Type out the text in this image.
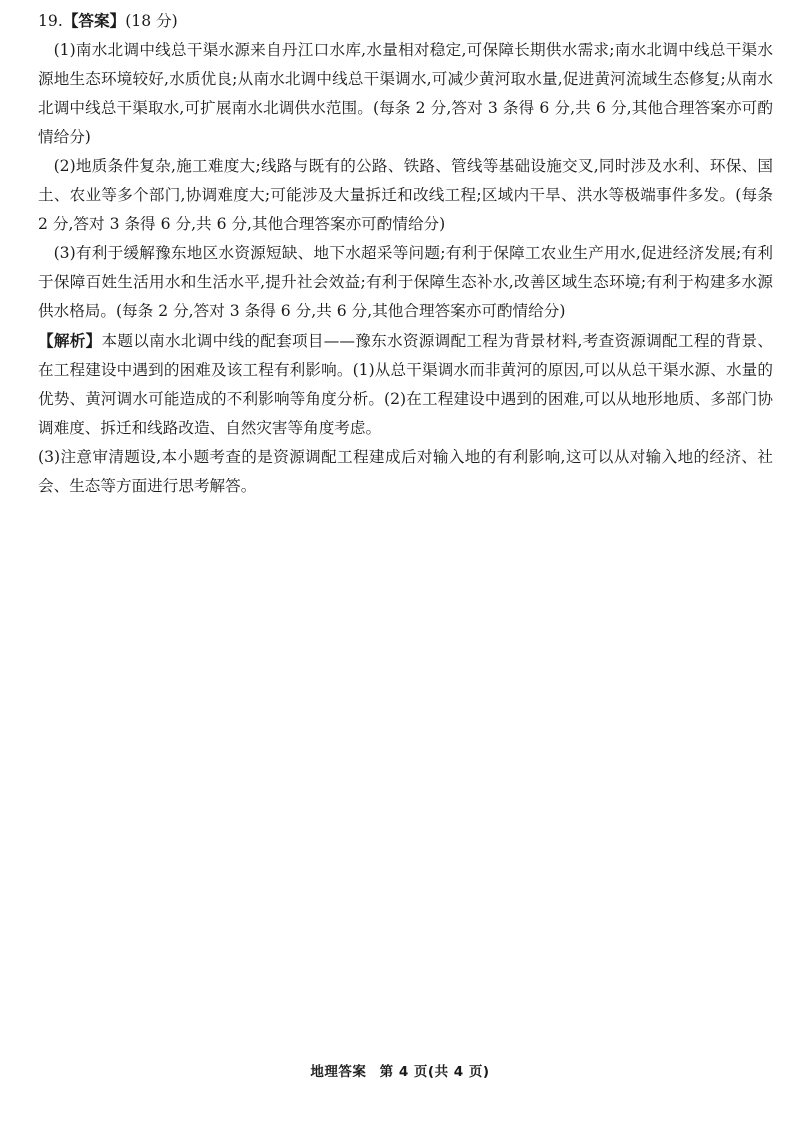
19.【答案】(18 分)

(1)南水北调中线总干渠水源来自丹江口水库,水量相对稳定,可保障长期供水需求;南水北调中线总干渠水源地生态环境较好,水质优良;从南水北调中线总干渠调水,可减少黄河取水量,促进黄河流域生态修复;从南水北调中线总干渠取水,可扩展南水北调供水范围。(每条 2 分,答对 3 条得 6 分,共 6 分,其他合理答案亦可酌情给分)

(2)地质条件复杂,施工难度大;线路与既有的公路、铁路、管线等基础设施交叉,同时涉及水利、环保、国土、农业等多个部门,协调难度大;可能涉及大量拆迁和改线工程;区域内干旱、洪水等极端事件多发。(每条 2 分,答对 3 条得 6 分,共 6 分,其他合理答案亦可酌情给分)

(3)有利于缓解豫东地区水资源短缺、地下水超采等问题;有利于保障工农业生产用水,促进经济发展;有利于保障百姓生活用水和生活水平,提升社会效益;有利于保障生态补水,改善区域生态环境;有利于构建多水源供水格局。(每条 2 分,答对 3 条得 6 分,共 6 分,其他合理答案亦可酌情给分)

【解析】本题以南水北调中线的配套项目——豫东水资源调配工程为背景材料,考查资源调配工程的背景、在工程建设中遇到的困难及该工程有利影响。(1)从总干渠调水而非黄河的原因,可以从总干渠水源、水量的优势、黄河调水可能造成的不利影响等角度分析。(2)在工程建设中遇到的困难,可以从地形地质、多部门协调难度、拆迁和线路改造、自然灾害等角度考虑。

(3)注意审清题设,本小题考查的是资源调配工程建成后对输入地的有利影响,这可以从对输入地的经济、社会、生态等方面进行思考解答。

地理答案 第 4 页(共 4 页)
